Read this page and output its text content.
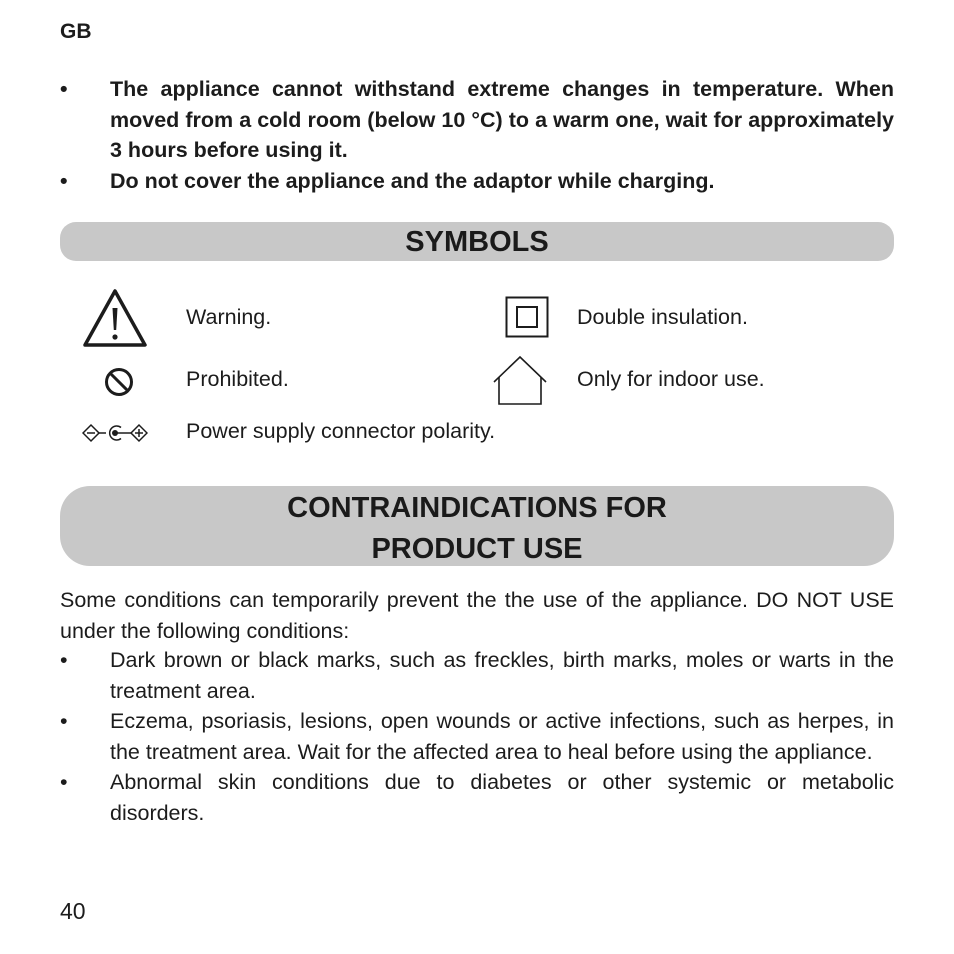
GB
• The appliance cannot withstand extreme changes in temperature. When moved from a cold room (below 10 °C) to a warm one, wait for approximately 3 hours before using it.
• Do not cover the appliance and the adaptor while charging.
SYMBOLS
Warning.	Double insulation.
Prohibited.	Only for indoor use.
Power supply connector polarity.
CONTRAINDICATIONS FOR
PRODUCT USE

Some conditions can temporarily prevent the the use of the appliance. DO NOT USE under the following conditions:

• Dark brown or black marks, such as freckles, birth marks, moles or warts in the treatment area.
• Eczema, psoriasis, lesions, open wounds or active infections, such as herpes, in the treatment area. Wait for the affected area to heal before using the appliance.
• Abnormal skin conditions due to diabetes or other systemic or metabolic disorders.
40
